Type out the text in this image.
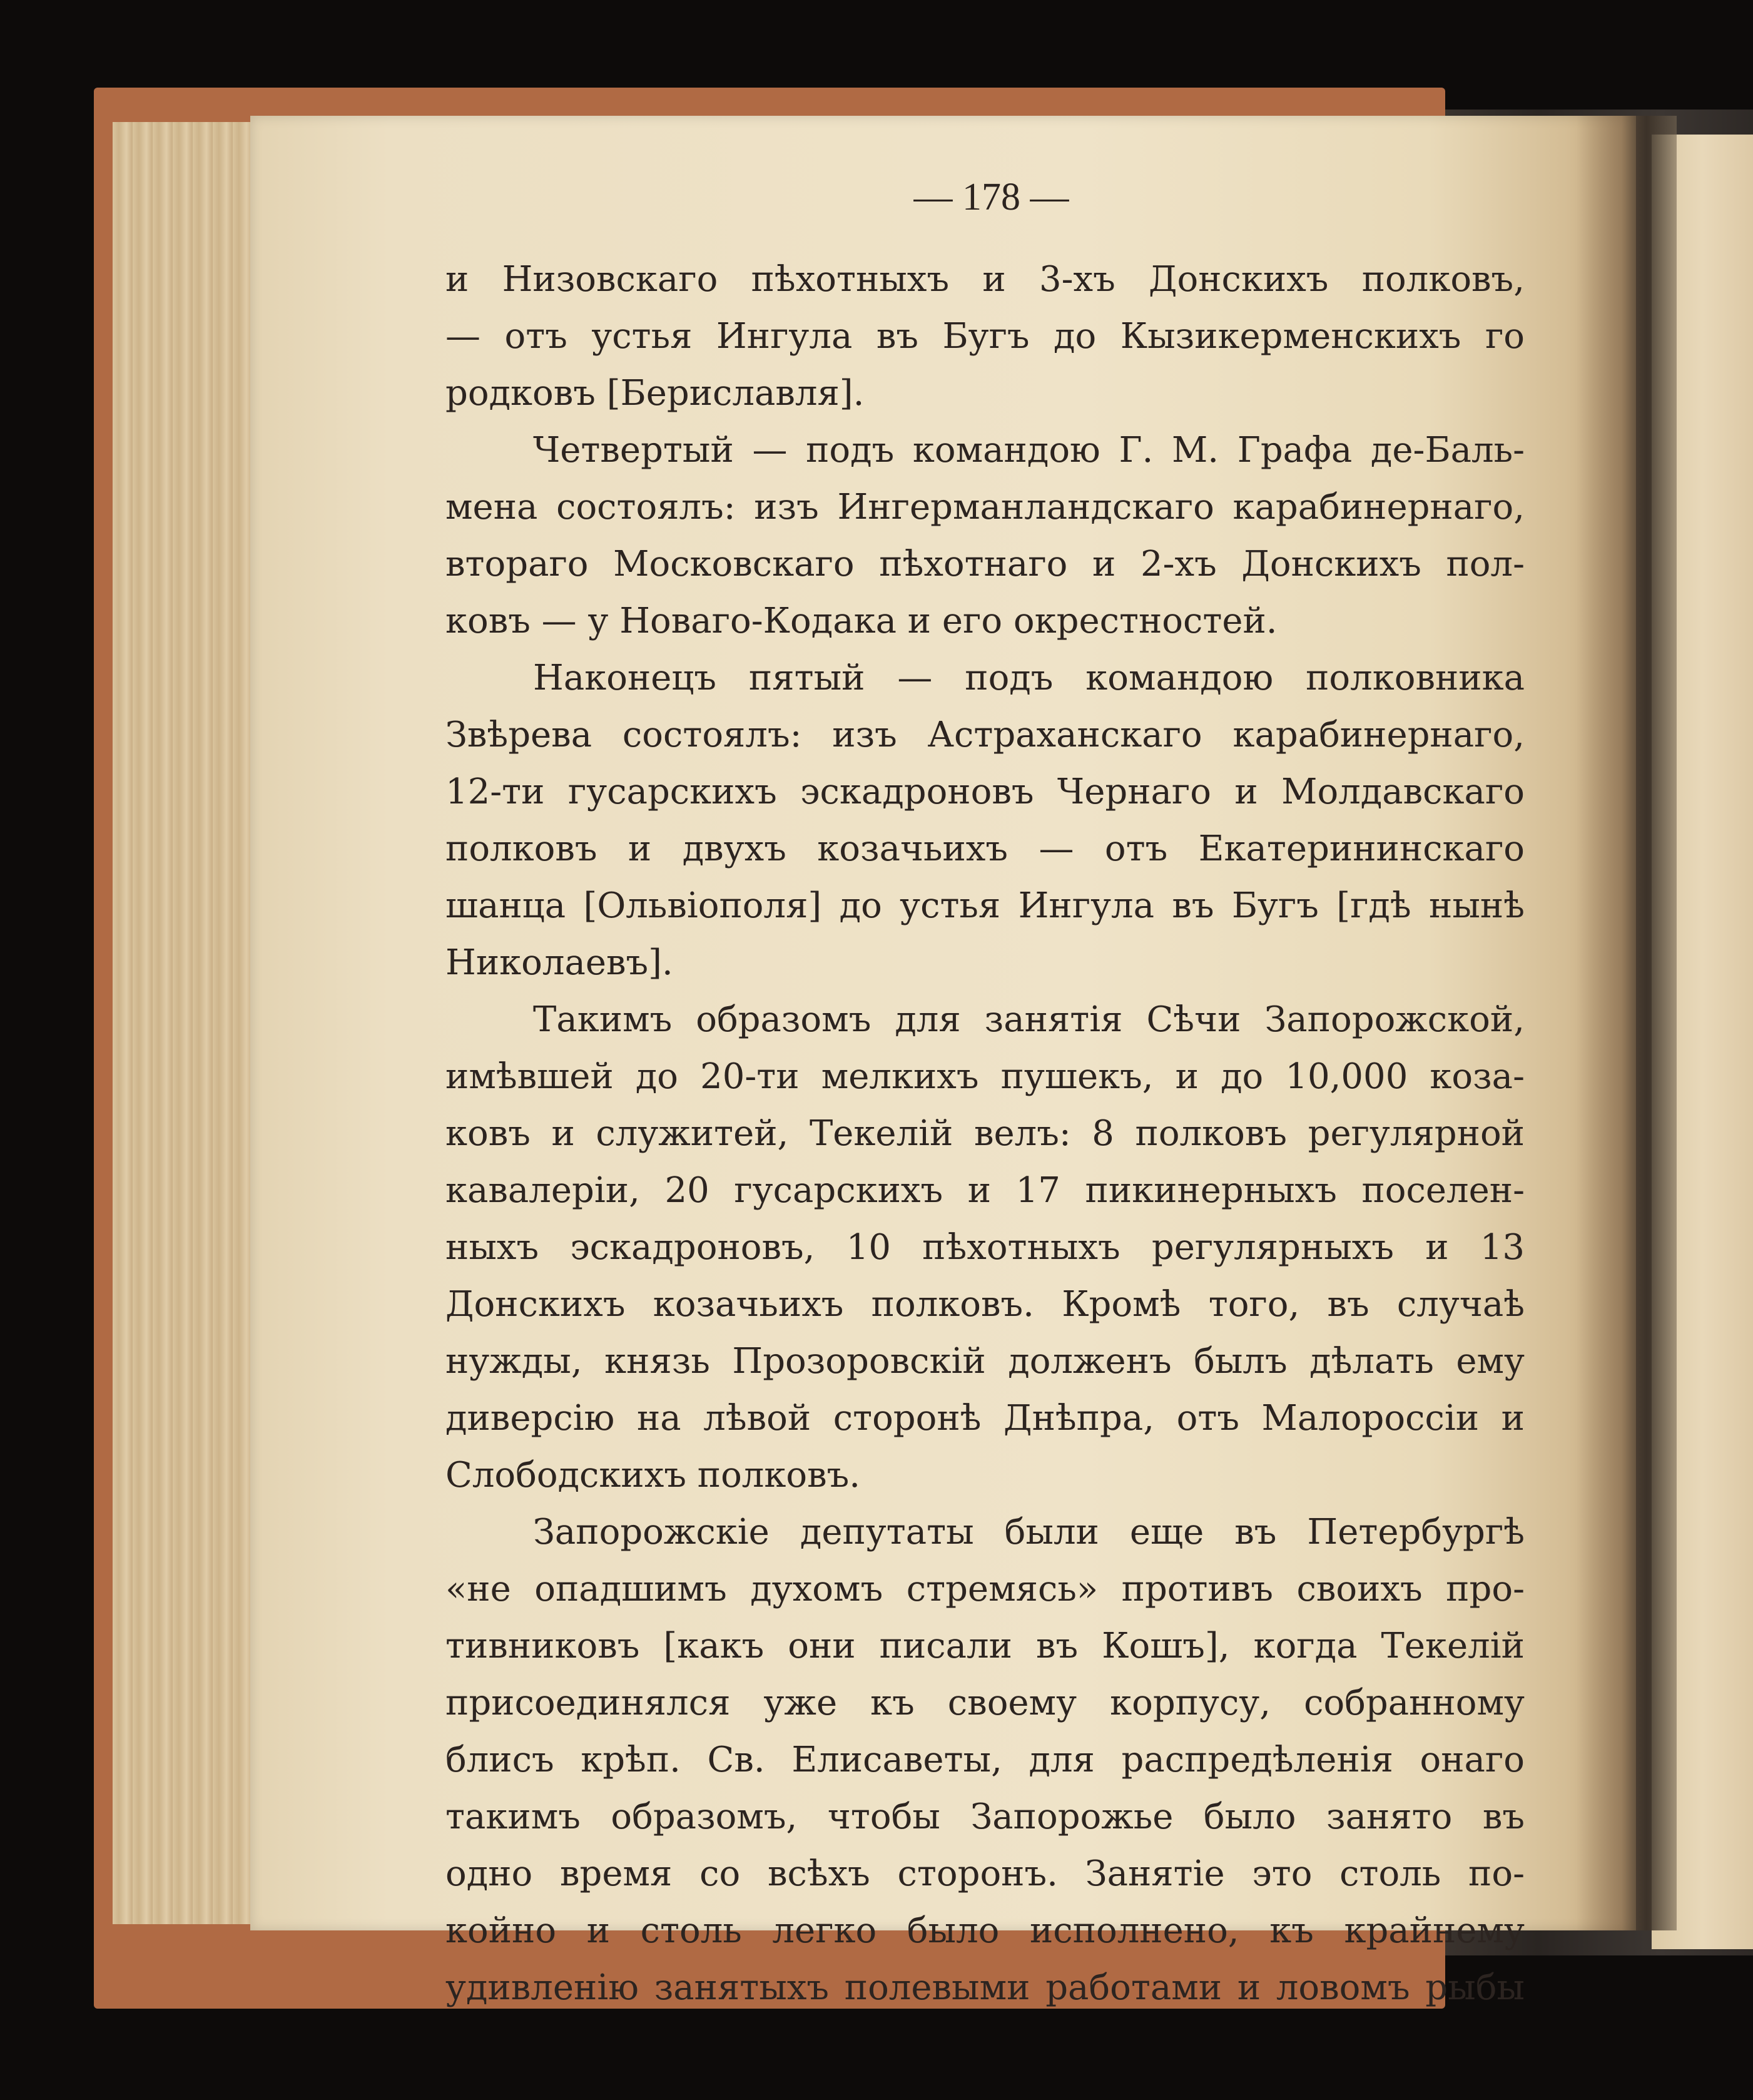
— 178 —
и Низовскаго пѣхотныхъ и 3-хъ Донскихъ полковъ,
— отъ устья Ингула въ Бугъ до Кызикерменскихъ го
родковъ [Бериславля].
Четвертый — подъ командою Г. М. Графа де-Баль-
мена состоялъ: изъ Ингерманландскаго карабинернаго,
втораго Московскаго пѣхотнаго и 2-хъ Донскихъ пол-
ковъ — у Новаго-Кодака и его окрестностей.
Наконецъ пятый — подъ командою полковника
Звѣрева состоялъ: изъ Астраханскаго карабинернаго,
12-ти гусарскихъ эскадроновъ Чернаго и Молдавскаго
полковъ и двухъ козачьихъ — отъ Екатерининскаго
шанца [Ольвіополя] до устья Ингула въ Бугъ [гдѣ нынѣ
Николаевъ].
Такимъ образомъ для занятія Сѣчи Запорожской,
имѣвшей до 20-ти мелкихъ пушекъ, и до 10,000 коза-
ковъ и служитей, Текелій велъ: 8 полковъ регулярной
кавалеріи, 20 гусарскихъ и 17 пикинерныхъ поселен-
ныхъ эскадроновъ, 10 пѣхотныхъ регулярныхъ и 13
Донскихъ козачьихъ полковъ. Кромѣ того, въ случаѣ
нужды, князь Прозоровскій долженъ былъ дѣлать ему
диверсію на лѣвой сторонѣ Днѣпра, отъ Малороссіи и
Слободскихъ полковъ.
Запорожскіе депутаты были еще въ Петербургѣ
«не опадшимъ духомъ стремясь» противъ своихъ про-
тивниковъ [какъ они писали въ Кошъ], когда Текелій
присоединялся уже къ своему корпусу, собранному
блисъ крѣп. Св. Елисаветы, для распредѣленія онаго
такимъ образомъ, чтобы Запорожье было занято въ
одно время со всѣхъ сторонъ. Занятіе это столь по-
койно и столь легко было исполнено, къ крайнему
удивленію занятыхъ полевыми работами и ловомъ рыбы
